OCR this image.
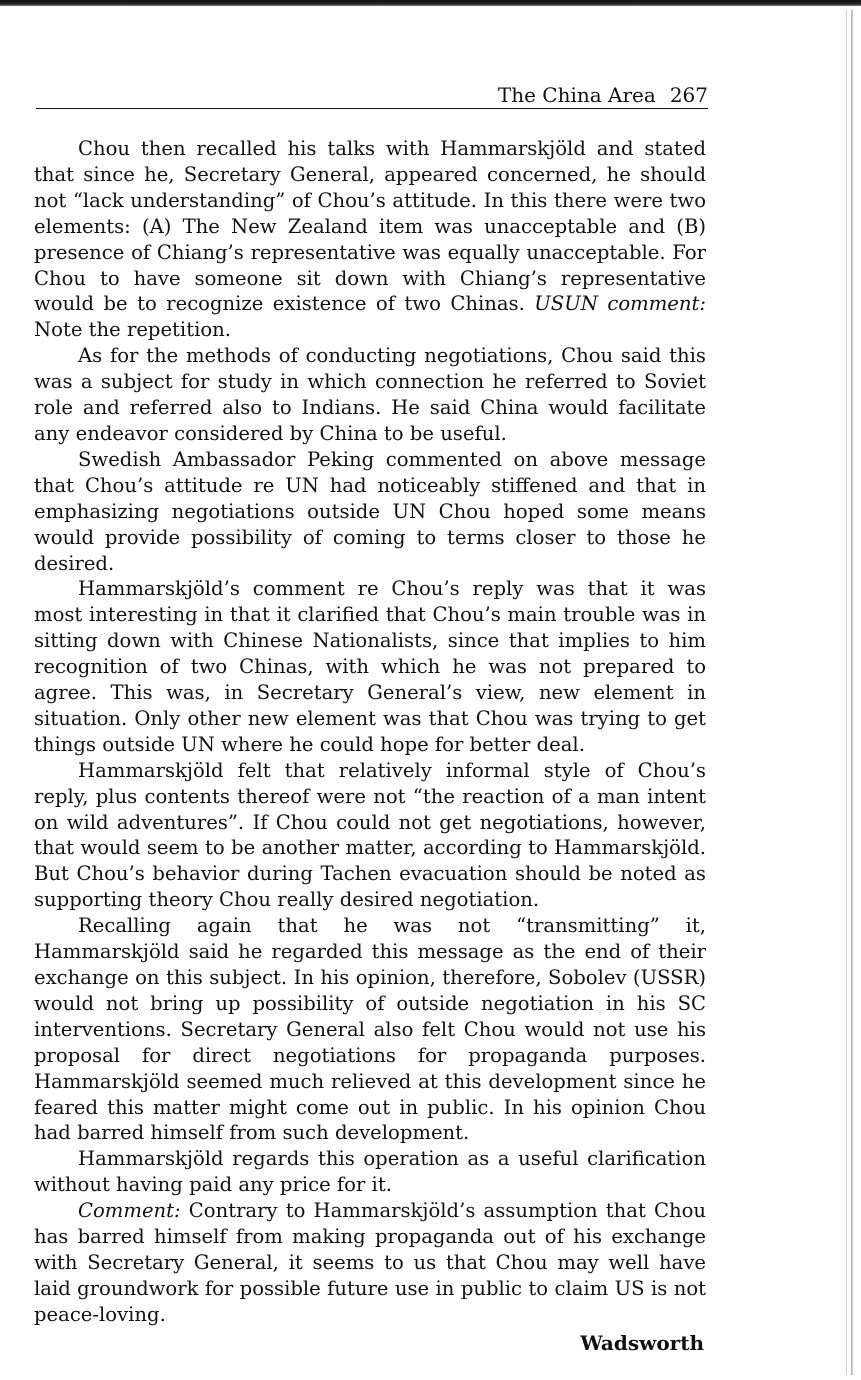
The China Area 267

Chou then recalled his talks with Hammarskjöld and stated that since he, Secretary General, appeared concerned, he should not “lack understanding” of Chou’s attitude. In this there were two elements: (A) The New Zealand item was unacceptable and (B) presence of Chiang’s representative was equally unacceptable. For Chou to have someone sit down with Chiang’s representative would be to recognize existence of two Chinas. USUN comment: Note the repetition.

As for the methods of conducting negotiations, Chou said this was a subject for study in which connection he referred to Soviet role and referred also to Indians. He said China would facilitate any endeavor considered by China to be useful.

Swedish Ambassador Peking commented on above message that Chou’s attitude re UN had noticeably stiffened and that in emphasizing negotiations outside UN Chou hoped some means would provide possibility of coming to terms closer to those he desired.

Hammarskjöld’s comment re Chou’s reply was that it was most interesting in that it clarified that Chou’s main trouble was in sitting down with Chinese Nationalists, since that implies to him recognition of two Chinas, with which he was not prepared to agree. This was, in Secretary General’s view, new element in situation. Only other new element was that Chou was trying to get things outside UN where he could hope for better deal.

Hammarskjöld felt that relatively informal style of Chou’s reply, plus contents thereof were not “the reaction of a man intent on wild adventures”. If Chou could not get negotiations, however, that would seem to be another matter, according to Hammarskjöld. But Chou’s behavior during Tachen evacuation should be noted as supporting theory Chou really desired negotiation.

Recalling again that he was not “transmitting” it, Hammarskjöld said he regarded this message as the end of their exchange on this subject. In his opinion, therefore, Sobolev (USSR) would not bring up possibility of outside negotiation in his SC interventions. Secretary General also felt Chou would not use his proposal for direct negotiations for propaganda purposes. Hammarskjöld seemed much relieved at this development since he feared this matter might come out in public. In his opinion Chou had barred himself from such development.

Hammarskjöld regards this operation as a useful clarification without having paid any price for it.

Comment: Contrary to Hammarskjöld’s assumption that Chou has barred himself from making propaganda out of his exchange with Secretary General, it seems to us that Chou may well have laid groundwork for possible future use in public to claim US is not peace-loving.

Wadsworth
